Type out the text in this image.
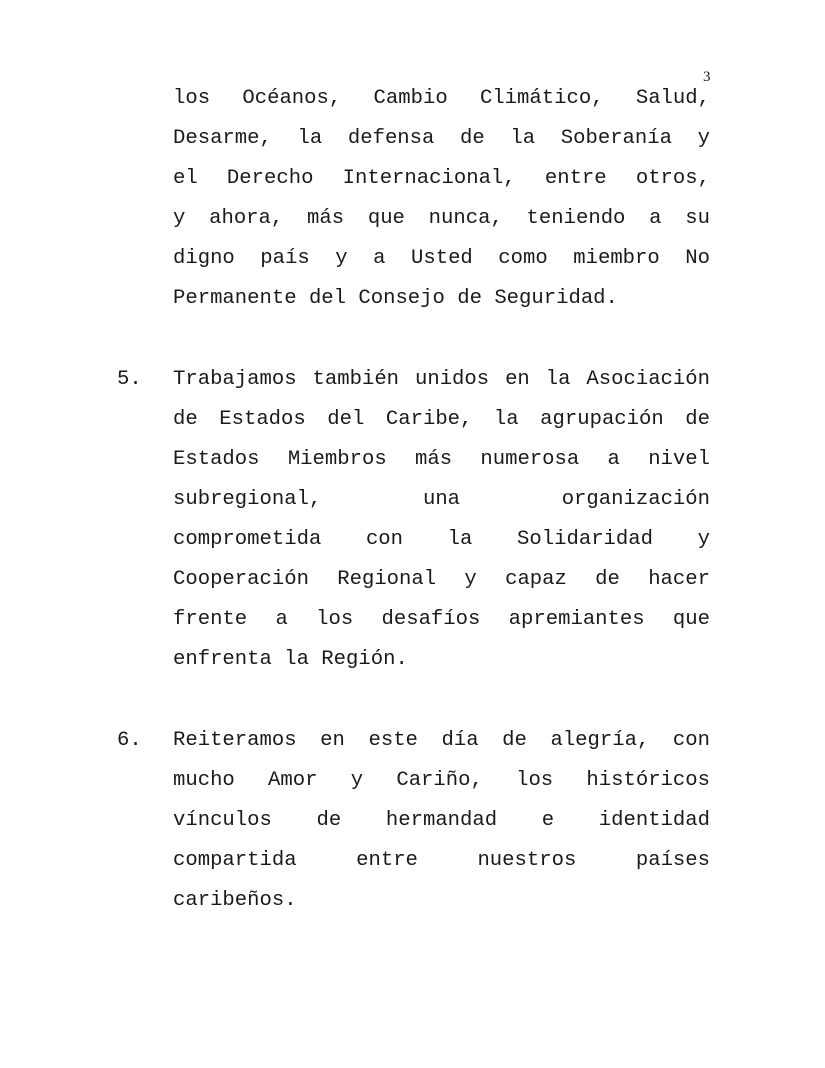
3
los Océanos, Cambio Climático, Salud,
Desarme, la defensa de la Soberanía y
el Derecho Internacional, entre otros,
y ahora, más que nunca, teniendo a su
digno país y a Usted como miembro No
Permanente del Consejo de Seguridad.
5. Trabajamos también unidos en la Asociación
de Estados del Caribe, la agrupación de
Estados Miembros más numerosa a nivel
subregional, una organización
comprometida con la Solidaridad y
Cooperación Regional y capaz de hacer
frente a los desafíos apremiantes que
enfrenta la Región.
6. Reiteramos en este día de alegría, con
mucho Amor y Cariño, los históricos
vínculos de hermandad e identidad
compartida entre nuestros países
caribeños.
